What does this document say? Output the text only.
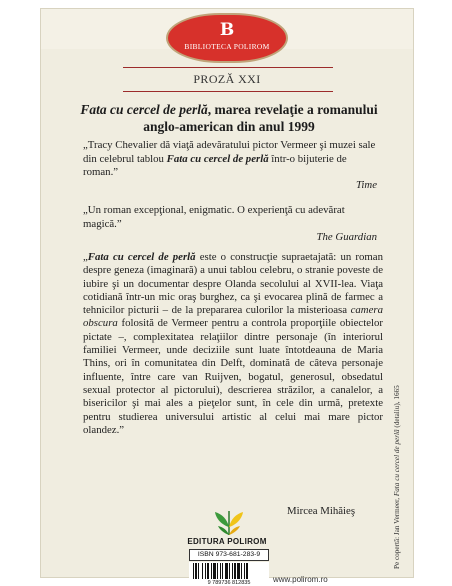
B
BIBLIOTECA POLIROM
PROZĂ XXI
Fata cu cercel de perlă, marea revelaţie a romanului anglo-american din anul 1999
„Tracy Chevalier dă viaţă adevăratului pictor Vermeer şi muzei sale din celebrul tablou Fata cu cercel de perlă într-o bijuterie de roman.”
Time
„Un roman excepţional, enigmatic. O experienţă cu adevărat magică.”
The Guardian
„Fata cu cercel de perlă este o construcţie supraetajată: un roman despre geneza (imaginară) a unui tablou celebru, o stranie poveste de iubire şi un documentar despre Olanda secolului al XVII-lea. Viaţa cotidiană într-un mic oraş burghez, ca şi evocarea plină de farmec a tehnicilor picturii – de la prepararea culorilor la misterioasa camera obscura folosită de Vermeer pentru a controla proporţiile obiectelor pictate –, complexitatea relaţiilor dintre personaje (în interiorul familiei Vermeer, unde deciziile sunt luate întotdeauna de Maria Thins, ori în comunitatea din Delft, dominată de câteva personaje influente, între care van Ruijven, bogatul, generosul, obsedatul sexual protector al pictorului), descrierea străzilor, a canalelor, a bisericilor şi mai ales a pieţelor sunt, în cele din urmă, pretexte pentru studierea universului artistic al celui mai mare pictor olandez.”
Mircea Mihăieş
EDITURA POLIROM
ISBN 973-681-283-9
9 789736 812835	www.polirom.ro
Pe copertă: Jan Vermeer, Fata cu cercel de perlă (detaliu), 1665
